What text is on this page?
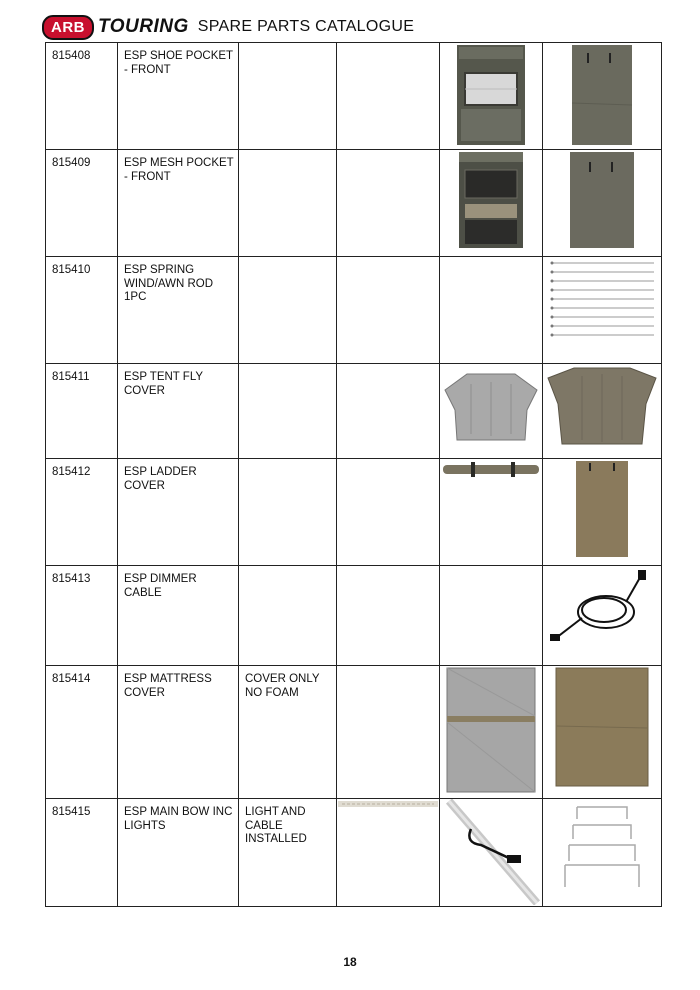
ARB TOURING SPARE PARTS CATALOGUE
815408	ESP SHOE POCKET - FRONT

815409	ESP MESH POCKET - FRONT

815410	ESP SPRING WIND/AWN ROD 1PC

815411	ESP TENT FLY COVER

815412	ESP LADDER COVER

815413	ESP DIMMER CABLE

815414	ESP MATTRESS COVER	COVER ONLY NO FOAM

815415	ESP MAIN BOW INC LIGHTS	LIGHT AND CABLE INSTALLED

18
